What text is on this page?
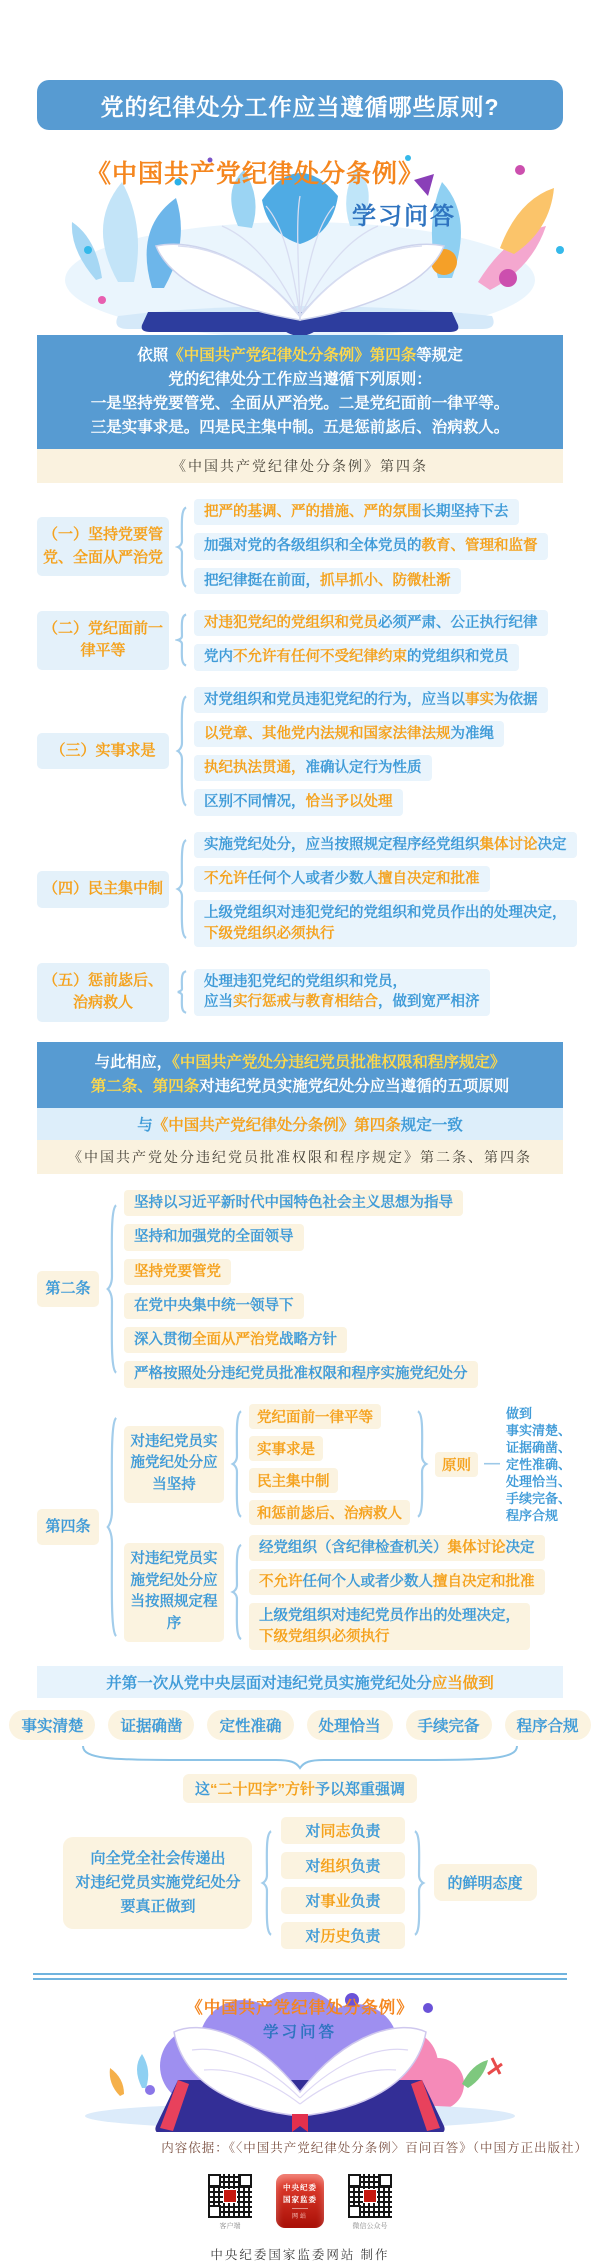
党的纪律处分工作应当遵循哪些原则?
《中国共产党纪律处分条例》
学习问答
依照《中国共产党纪律处分条例》第四条等规定
党的纪律处分工作应当遵循下列原则：
一是坚持党要管党、全面从严治党。二是党纪面前一律平等。
三是实事求是。四是民主集中制。五是惩前毖后、治病救人。
《中国共产党纪律处分条例》第四条
（一）坚持党要管党、全面从严治党
把严的基调、严的措施、严的氛围长期坚持下去
加强对党的各级组织和全体党员的教育、管理和监督
把纪律挺在前面，抓早抓小、防微杜渐
（二）党纪面前一律平等
对违犯党纪的党组织和党员必须严肃、公正执行纪律
党内不允许有任何不受纪律约束的党组织和党员
（三）实事求是
对党组织和党员违犯党纪的行为，应当以事实为依据
以党章、其他党内法规和国家法律法规为准绳
执纪执法贯通，准确认定行为性质
区别不同情况，恰当予以处理
（四）民主集中制
实施党纪处分，应当按照规定程序经党组织集体讨论决定
不允许任何个人或者少数人擅自决定和批准
上级党组织对违犯党纪的党组织和党员作出的处理决定，
下级党组织必须执行
（五）惩前毖后、治病救人
处理违犯党纪的党组织和党员，
应当实行惩戒与教育相结合，做到宽严相济
与此相应，《中国共产党处分违纪党员批准权限和程序规定》
第二条、第四条对违纪党员实施党纪处分应当遵循的五项原则
与《中国共产党纪律处分条例》第四条规定一致
《中国共产党处分违纪党员批准权限和程序规定》第二条、第四条
第二条
坚持以习近平新时代中国特色社会主义思想为指导
坚持和加强党的全面领导
坚持党要管党
在党中央集中统一领导下
深入贯彻全面从严治党战略方针
严格按照处分违纪党员批准权限和程序实施党纪处分
第四条
对违纪党员实施党纪处分应当坚持
党纪面前一律平等
实事求是
民主集中制
和惩前毖后、治病救人
原则 —
做到
事实清楚、
证据确凿、
定性准确、
处理恰当、
手续完备、
程序合规
对违纪党员实施党纪处分应当按照规定程序
经党组织（含纪律检查机关）集体讨论决定
不允许任何个人或者少数人擅自决定和批准
上级党组织对违纪党员作出的处理决定，
下级党组织必须执行
并第一次从党中央层面对违纪党员实施党纪处分应当做到
事实清楚	证据确凿	定性准确	处理恰当	手续完备	程序合规
这“二十四字”方针予以郑重强调
向全党全社会传递出
对违纪党员实施党纪处分
要真正做到
对同志负责
对组织负责
对事业负责
对历史负责
的鲜明态度
《中国共产党纪律处分条例》
学习问答
内容依据：《〈中国共产党纪律处分条例〉百问百答》（中国方正出版社）
客户端
中央纪委
国家监委
网站
微信公众号
中央纪委国家监委网站 制作
